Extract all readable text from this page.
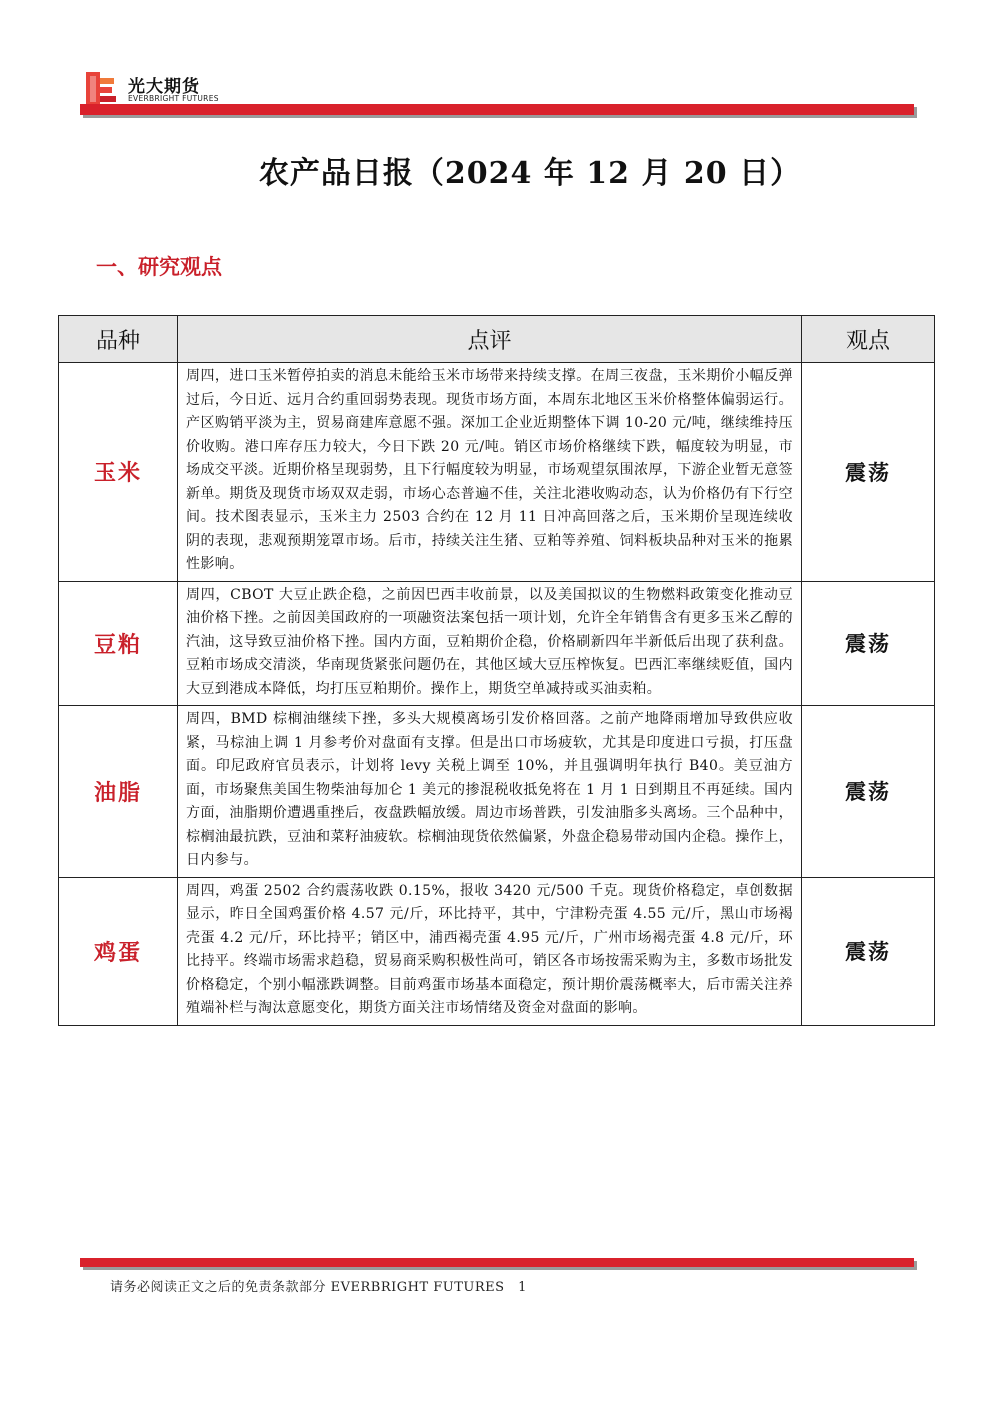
光大期货
EVERBRIGHT FUTURES
农产品日报（2024 年 12 月 20 日）
一、研究观点
品种	点评	观点
玉米	周四，进口玉米暂停拍卖的消息未能给玉米市场带来持续支撑。在周三夜盘，玉米期价小幅反弹过后，今日近、远月合约重回弱势表现。现货市场方面，本周东北地区玉米价格整体偏弱运行。产区购销平淡为主，贸易商建库意愿不强。深加工企业近期整体下调 10-20 元/吨，继续维持压价收购。港口库存压力较大，今日下跌 20 元/吨。销区市场价格继续下跌，幅度较为明显，市场成交平淡。近期价格呈现弱势，且下行幅度较为明显，市场观望氛围浓厚，下游企业暂无意签新单。期货及现货市场双双走弱，市场心态普遍不佳，关注北港收购动态，认为价格仍有下行空间。技术图表显示，玉米主力 2503 合约在 12 月 11 日冲高回落之后，玉米期价呈现连续收阴的表现，悲观预期笼罩市场。后市，持续关注生猪、豆粕等养殖、饲料板块品种对玉米的拖累性影响。	震荡
豆粕	周四，CBOT 大豆止跌企稳，之前因巴西丰收前景，以及美国拟议的生物燃料政策变化推动豆油价格下挫。之前因美国政府的一项融资法案包括一项计划，允许全年销售含有更多玉米乙醇的汽油，这导致豆油价格下挫。国内方面，豆粕期价企稳，价格刷新四年半新低后出现了获利盘。豆粕市场成交清淡，华南现货紧张问题仍在，其他区域大豆压榨恢复。巴西汇率继续贬值，国内大豆到港成本降低，均打压豆粕期价。操作上，期货空单减持或买油卖粕。	震荡
油脂	周四，BMD 棕榈油继续下挫，多头大规模离场引发价格回落。之前产地降雨增加导致供应收紧，马棕油上调 1 月参考价对盘面有支撑。但是出口市场疲软，尤其是印度进口亏损，打压盘面。印尼政府官员表示，计划将 levy 关税上调至 10%，并且强调明年执行 B40。美豆油方面，市场聚焦美国生物柴油每加仑 1 美元的掺混税收抵免将在 1 月 1 日到期且不再延续。国内方面，油脂期价遭遇重挫后，夜盘跌幅放缓。周边市场普跌，引发油脂多头离场。三个品种中，棕榈油最抗跌，豆油和菜籽油疲软。棕榈油现货依然偏紧，外盘企稳易带动国内企稳。操作上，日内参与。	震荡
鸡蛋	周四，鸡蛋 2502 合约震荡收跌 0.15%，报收 3420 元/500 千克。现货价格稳定，卓创数据显示，昨日全国鸡蛋价格 4.57 元/斤，环比持平，其中，宁津粉壳蛋 4.55 元/斤，黑山市场褐壳蛋 4.2 元/斤，环比持平；销区中，浦西褐壳蛋 4.95 元/斤，广州市场褐壳蛋 4.8 元/斤，环比持平。终端市场需求趋稳，贸易商采购积极性尚可，销区各市场按需采购为主，多数市场批发价格稳定，个别小幅涨跌调整。目前鸡蛋市场基本面稳定，预计期价震荡概率大，后市需关注养殖端补栏与淘汰意愿变化，期货方面关注市场情绪及资金对盘面的影响。	震荡
请务必阅读正文之后的免责条款部分 EVERBRIGHT FUTURES　1
